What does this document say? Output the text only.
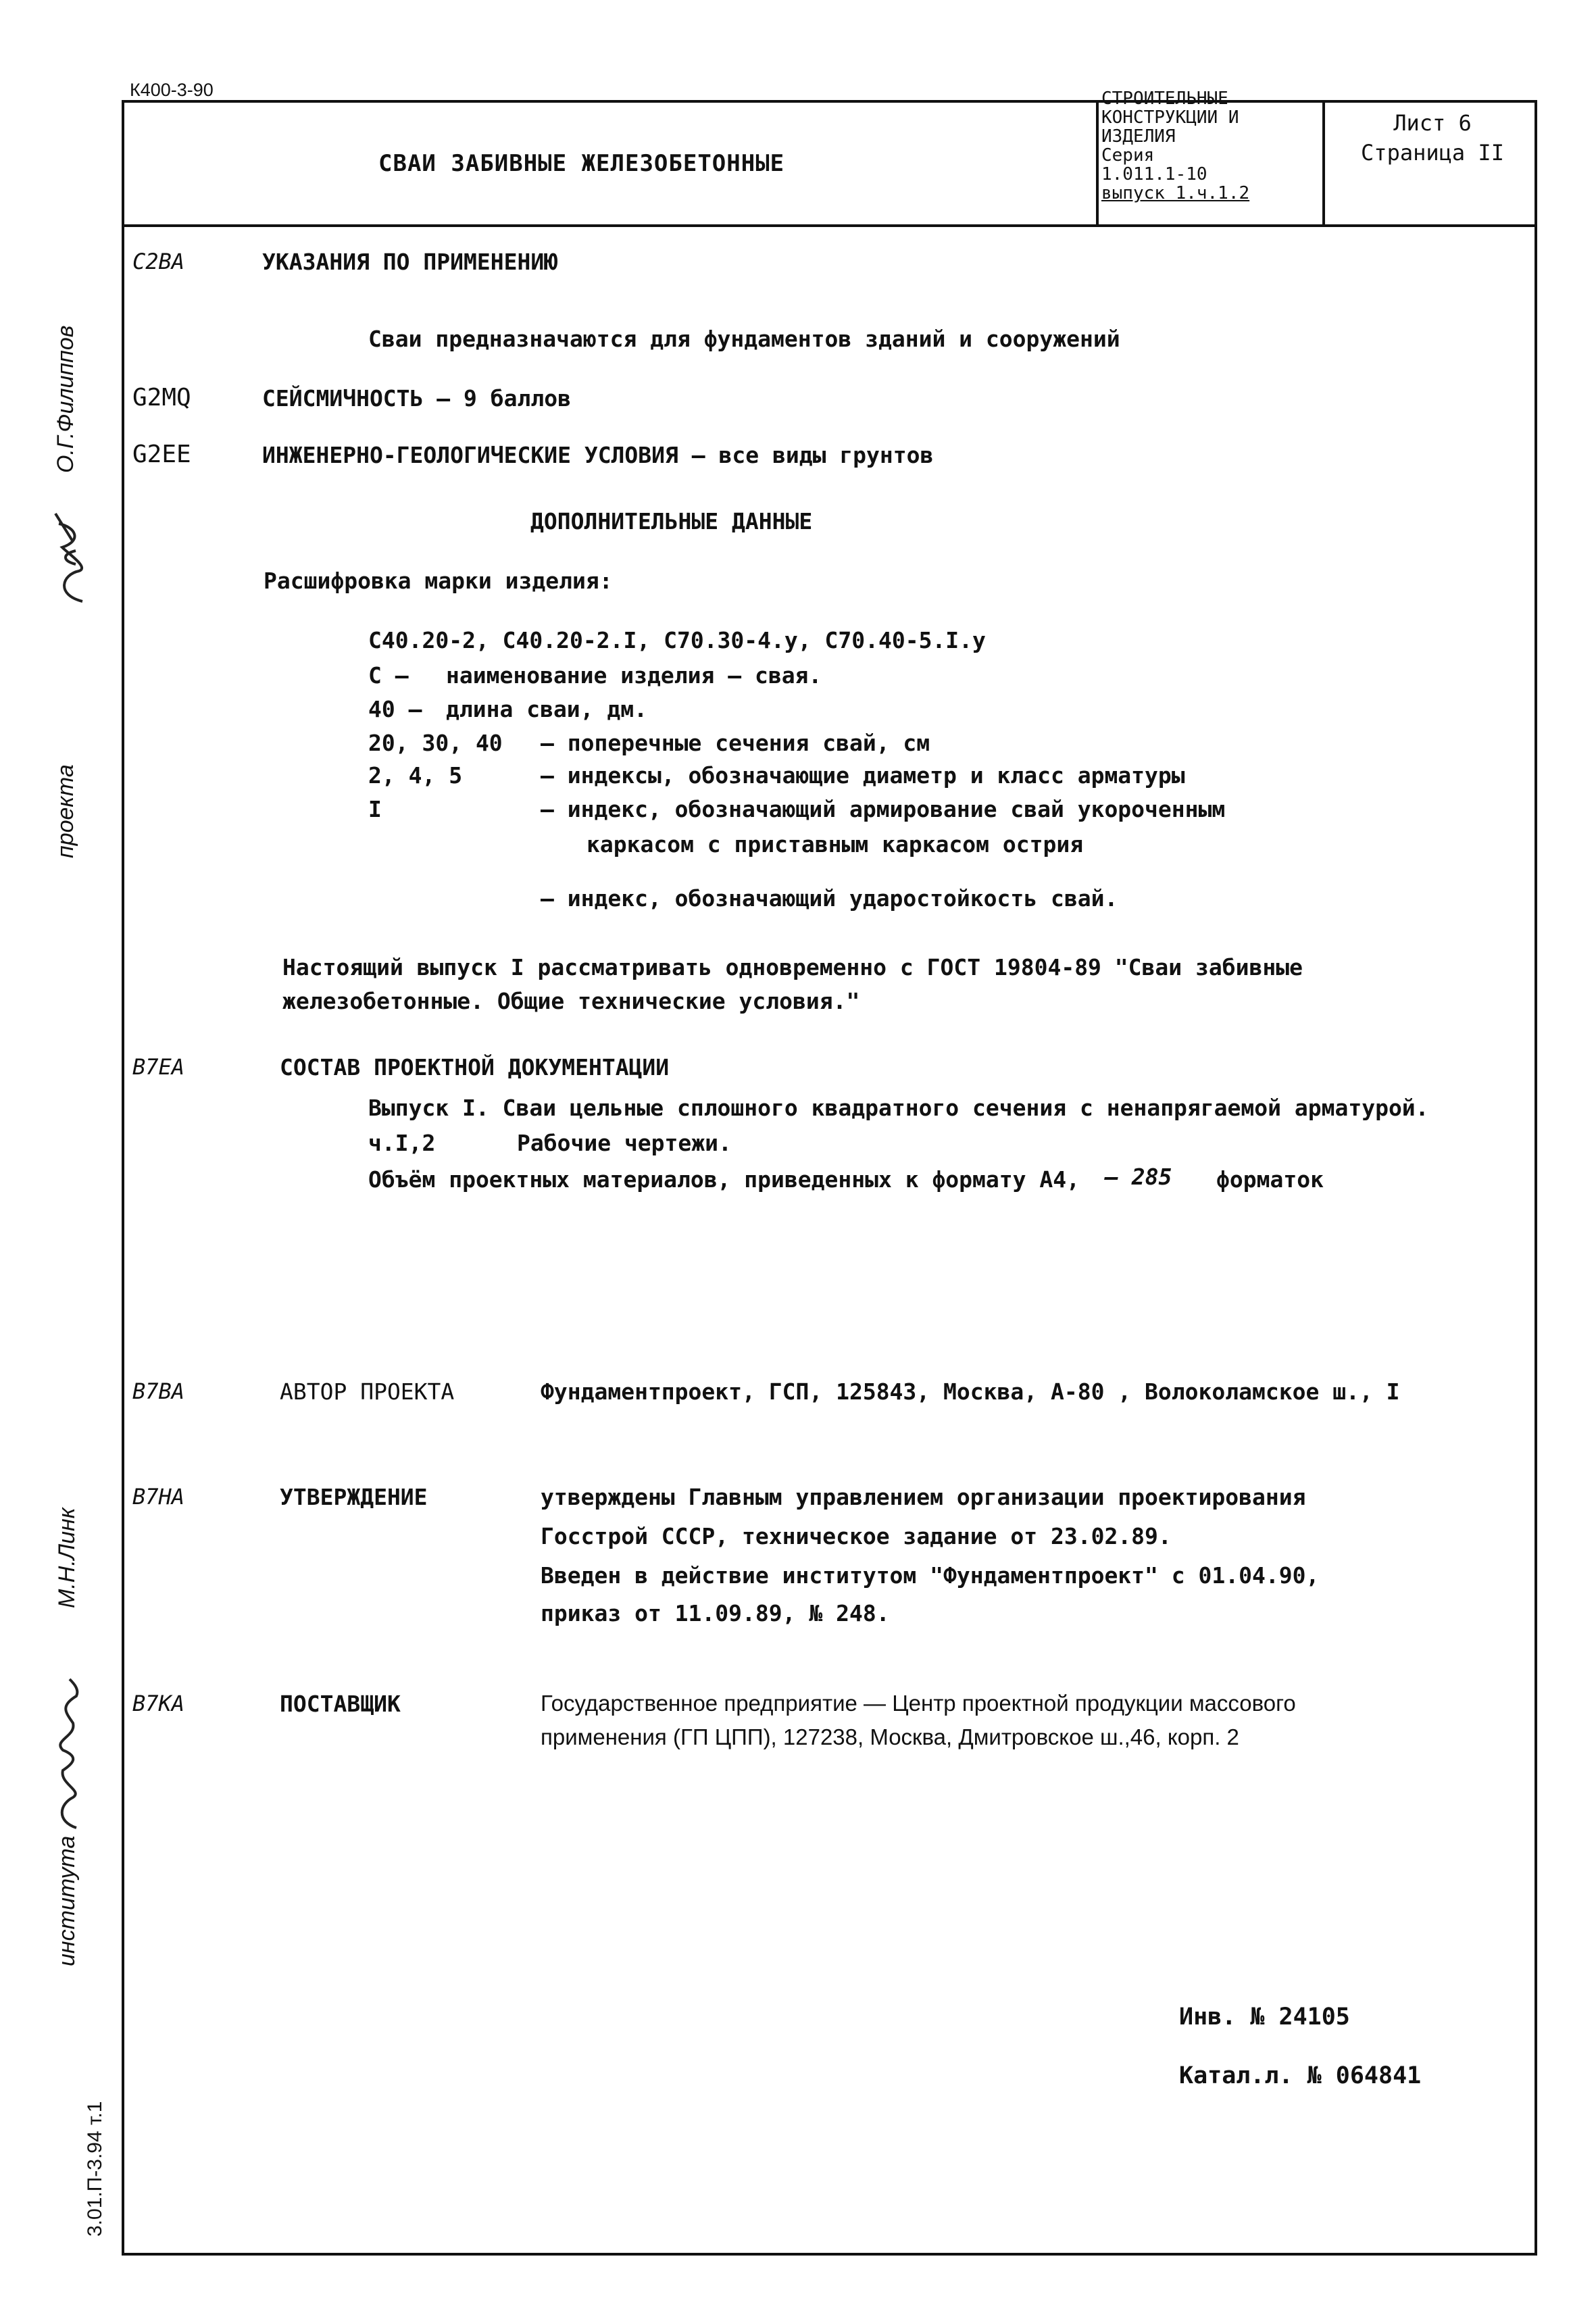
К400-3-90
СВАИ ЗАБИВНЫЕ ЖЕЛЕЗОБЕТОННЫЕ
СТРОИТЕЛЬНЫЕ
КОНСТРУКЦИИ И
ИЗДЕЛИЯ
Серия
1.011.1-10
выпуск 1.ч.1.2
Лист 6
Страница II
проекта
О.Г.Филиппов
института
М.Н.Линк
3.01.П-3.94 т.1
С2ВА	УКАЗАНИЯ ПО ПРИМЕНЕНИЮ
Сваи предназначаются для фундаментов зданий и сооружений
G2МQ	СЕЙСМИЧНОСТЬ – 9 баллов
G2ЕЕ	ИНЖЕНЕРНО-ГЕОЛОГИЧЕСКИЕ УСЛОВИЯ – все виды грунтов
ДОПОЛНИТЕЛЬНЫЕ ДАННЫЕ
Расшифровка марки изделия:
С40.20-2, С40.20-2.I, С70.30-4.у, С70.40-5.I.у
С – наименование изделия – свая.
40 – длина сваи, дм.
20, 30, 40 – поперечные сечения свай, см
2, 4, 5	– индексы, обозначающие диаметр и класс арматуры
I	– индекс, обозначающий армирование свай укороченным
каркасом с приставным каркасом острия
– индекс, обозначающий ударостойкость свай.
Настоящий выпуск I рассматривать одновременно с ГОСТ 19804-89 "Сваи забивные
железобетонные. Общие технические условия."
В7ЕА	СОСТАВ ПРОЕКТНОЙ ДОКУМЕНТАЦИИ
Выпуск I. Сваи цельные сплошного квадратного сечения с ненапрягаемой арматурой.
ч.I,2	Рабочие чертежи.
Объём проектных материалов, приведенных к формату А4, – 285 форматок
В7ВА	АВТОР ПРОЕКТА	Фундаментпроект, ГСП, 125843, Москва, А-80 , Волоколамское ш., I
В7НА	УТВЕРЖДЕНИЕ	утверждены Главным управлением организации проектирования
Госстрой СССР, техническое задание от 23.02.89.
Введен в действие институтом "Фундаментпроект" с 01.04.90,
приказ от 11.09.89, № 248.
В7КА	ПОСТАВЩИК	Государственное предприятие — Центр проектной продукции массового
применения (ГП ЦПП), 127238, Москва, Дмитровское ш.,46, корп. 2
Инв. № 24105
Катал.л. № 064841
